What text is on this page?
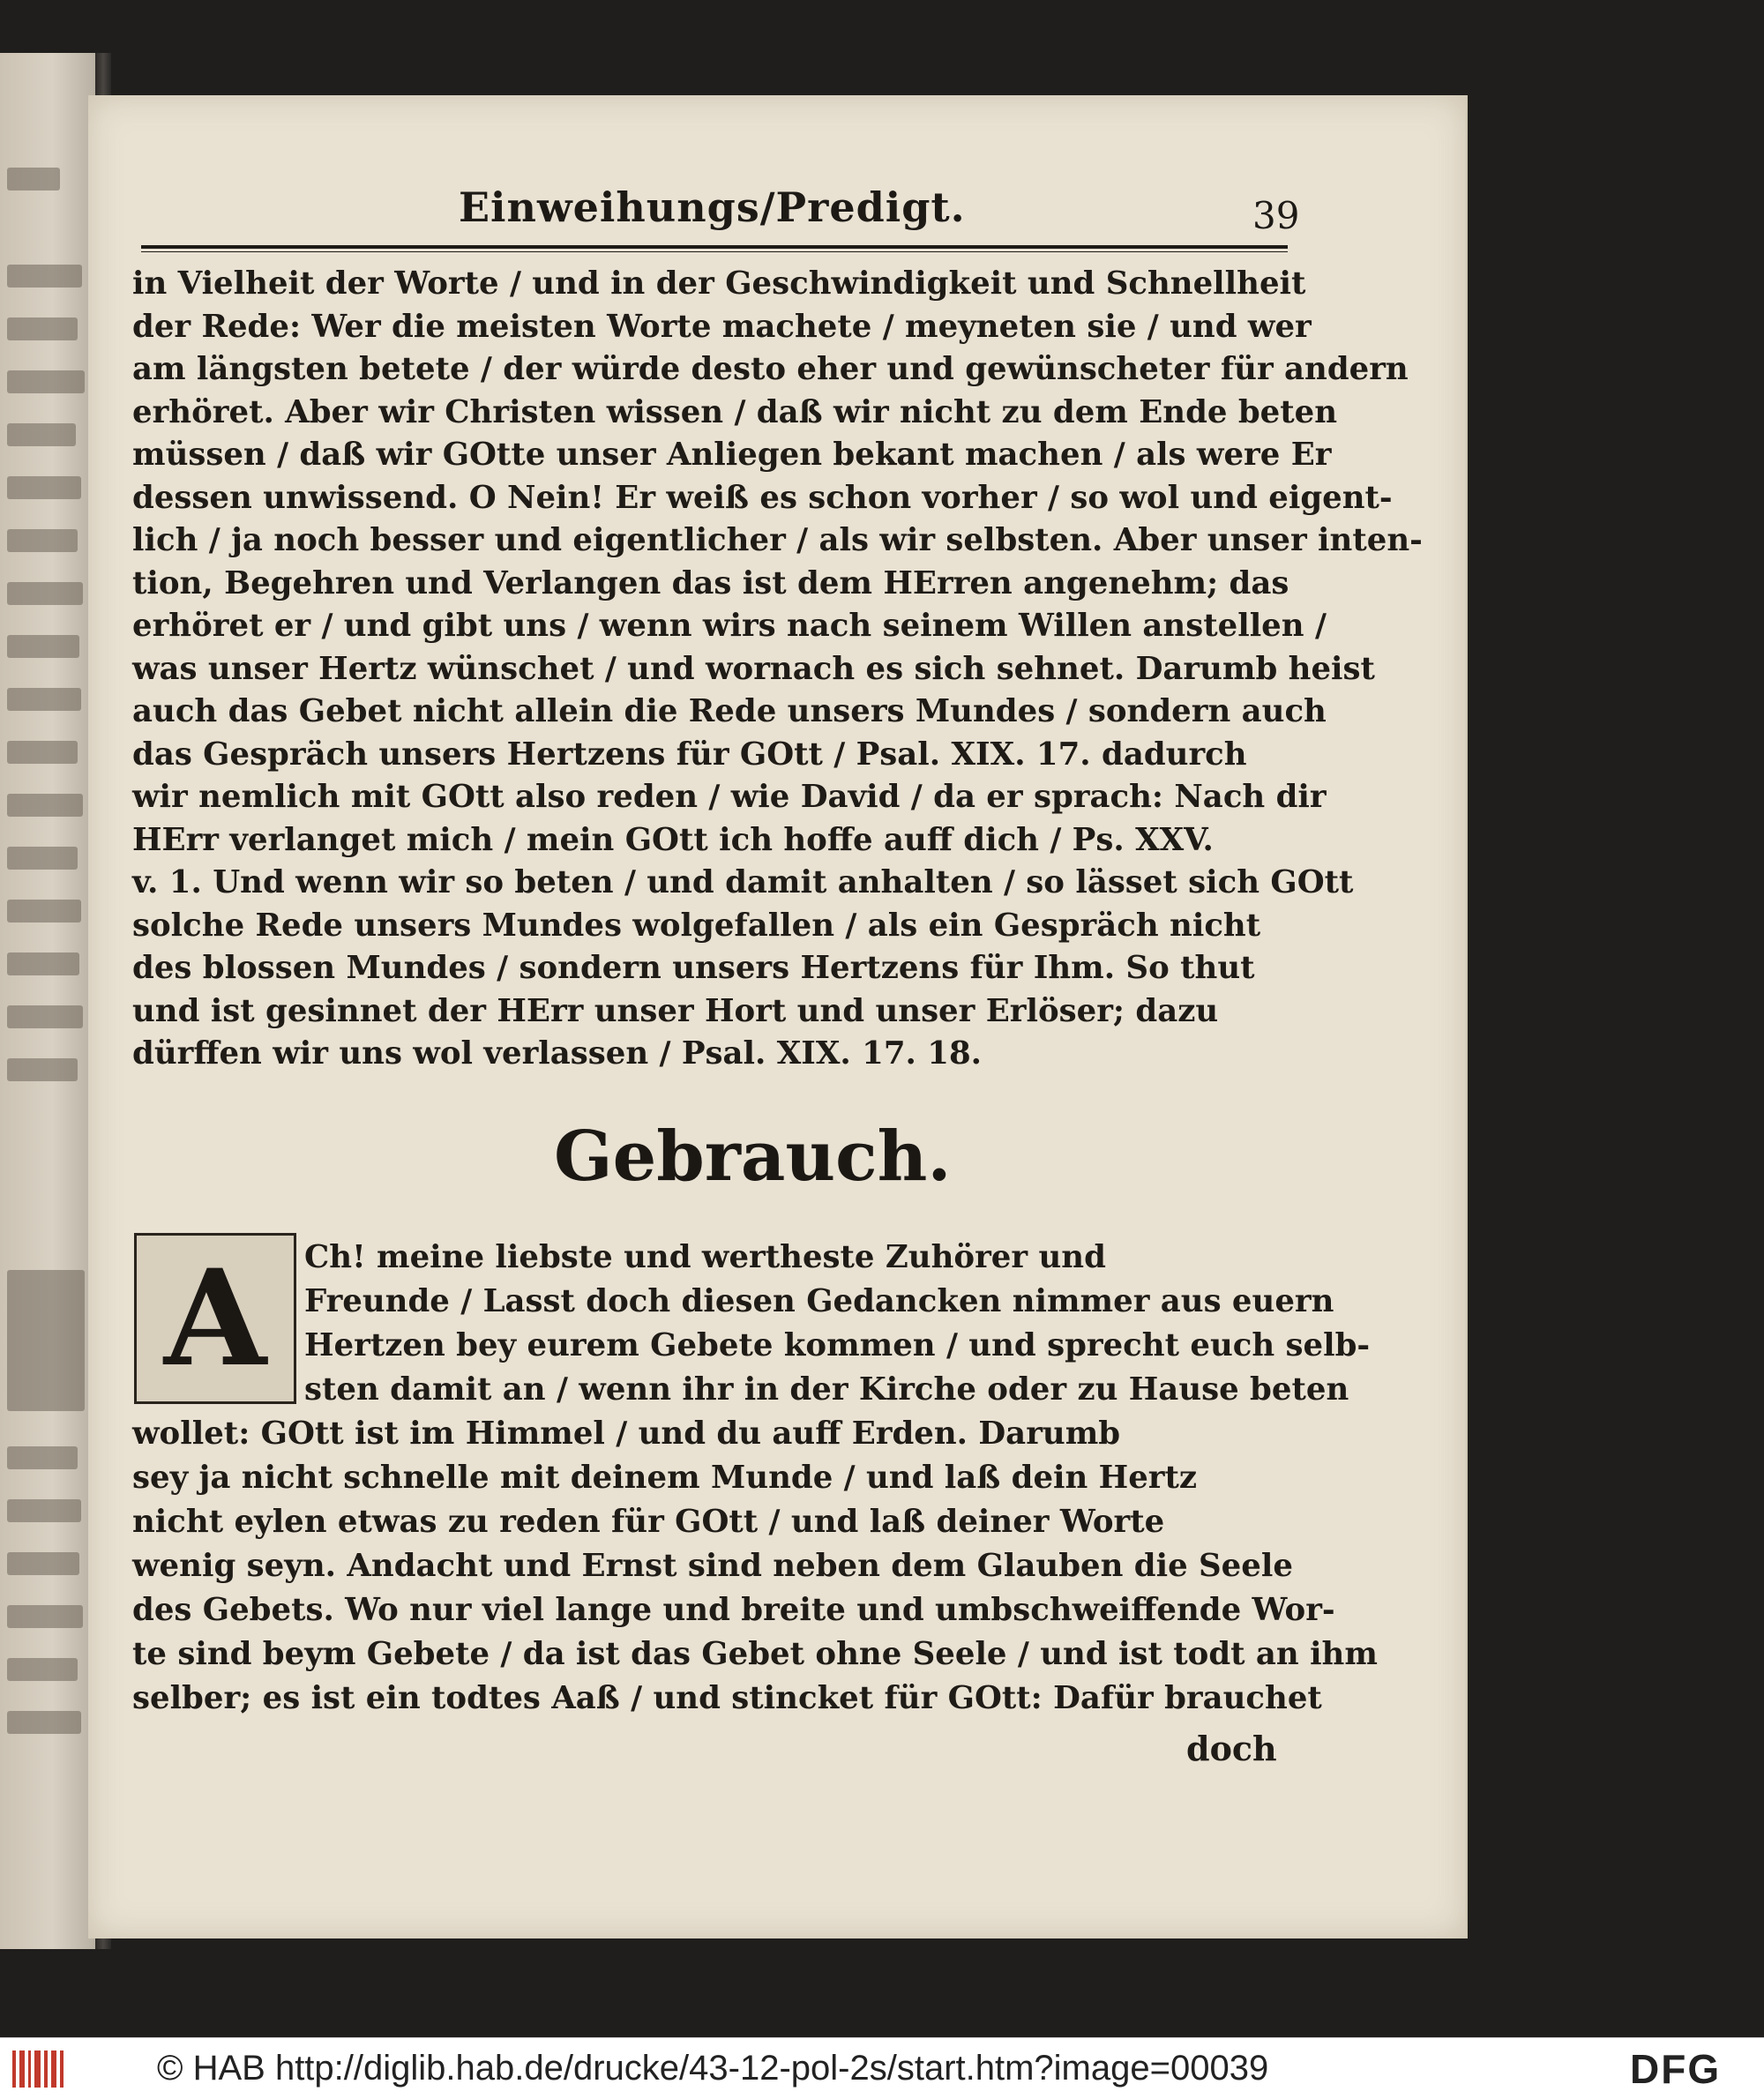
Einweihungs/Predigt.	39
in Vielheit der Worte / und in der Geschwindigkeit und Schnellheit
der Rede: Wer die meisten Worte machete / meyneten sie / und wer
am längsten betete / der würde desto eher und gewünscheter für andern
erhöret. Aber wir Christen wissen / daß wir nicht zu dem Ende beten
müssen / daß wir GOtte unser Anliegen bekant machen / als were Er
dessen unwissend. O Nein! Er weiß es schon vorher / so wol und eigent-
lich / ja noch besser und eigentlicher / als wir selbsten. Aber unser inten-
tion, Begehren und Verlangen das ist dem HErren angenehm; das
erhöret er / und gibt uns / wenn wirs nach seinem Willen anstellen /
was unser Hertz wünschet / und wornach es sich sehnet. Darumb heist
auch das Gebet nicht allein die Rede unsers Mundes / sondern auch
das Gespräch unsers Hertzens für GOtt / Psal. XIX. 17. dadurch
wir nemlich mit GOtt also reden / wie David / da er sprach: Nach dir
HErr verlanget mich / mein GOtt ich hoffe auff dich / Ps. XXV.
v. 1. Und wenn wir so beten / und damit anhalten / so lässet sich GOtt
solche Rede unsers Mundes wolgefallen / als ein Gespräch nicht
des blossen Mundes / sondern unsers Hertzens für Ihm. So thut
und ist gesinnet der HErr unser Hort und unser Erlöser; dazu
dürffen wir uns wol verlassen / Psal. XIX. 17. 18.
Gebrauch.
A	Ch! meine liebste und wertheste Zuhörer und
Freunde / Lasst doch diesen Gedancken nimmer aus euern
Hertzen bey eurem Gebete kommen / und sprecht euch selb-
sten damit an / wenn ihr in der Kirche oder zu Hause beten
wollet: GOtt ist im Himmel / und du auff Erden. Darumb
sey ja nicht schnelle mit deinem Munde / und laß dein Hertz
nicht eylen etwas zu reden für GOtt / und laß deiner Worte
wenig seyn. Andacht und Ernst sind neben dem Glauben die Seele
des Gebets. Wo nur viel lange und breite und umbschweiffende Wor-
te sind beym Gebete / da ist das Gebet ohne Seele / und ist todt an ihm
selber; es ist ein todtes Aaß / und stincket für GOtt: Dafür brauchet
doch
© HAB http://diglib.hab.de/drucke/43-12-pol-2s/start.htm?image=00039	DFG
